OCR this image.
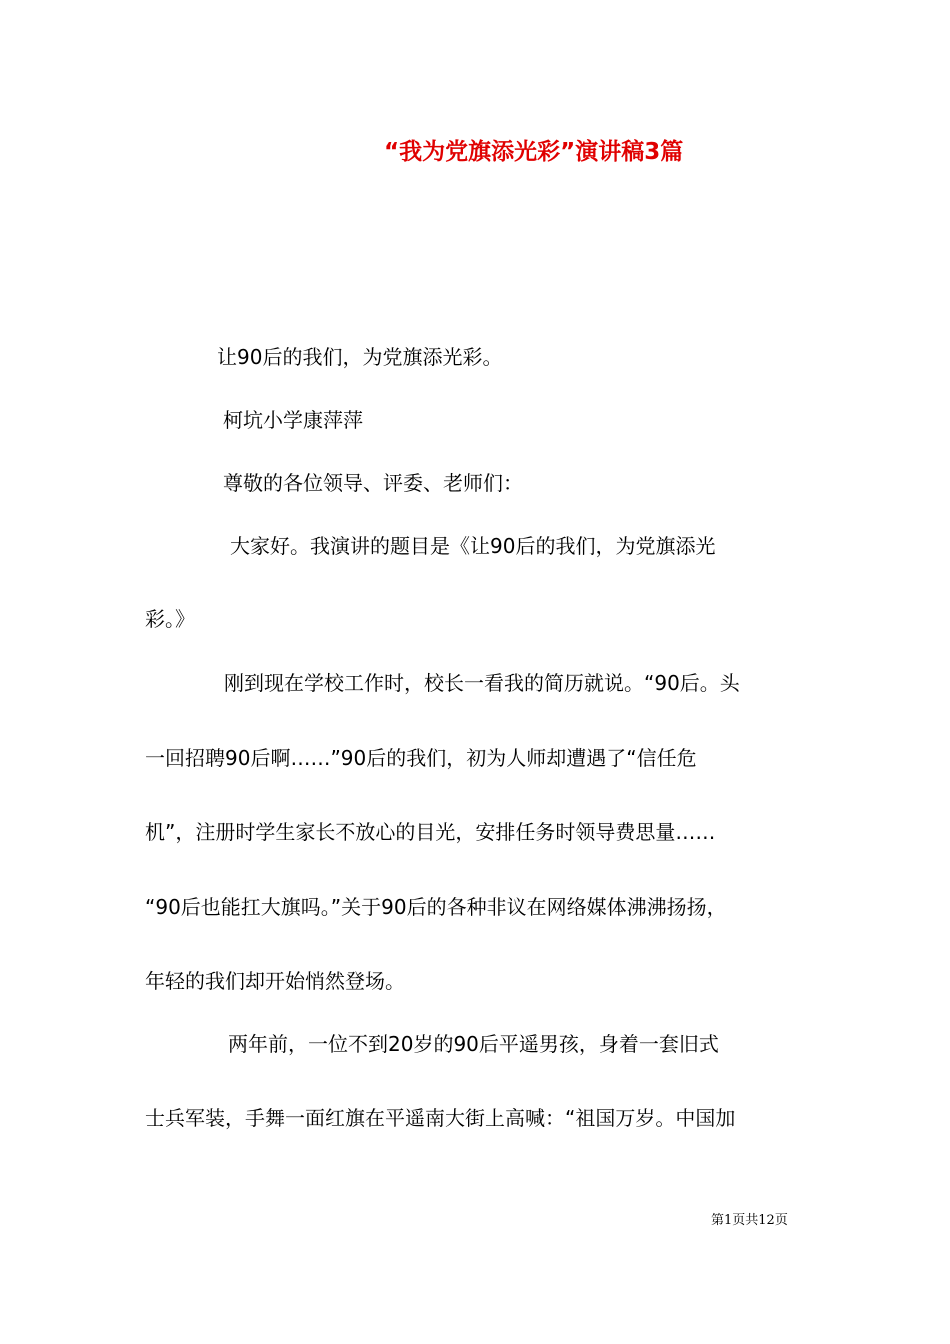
“我为党旗添光彩”演讲稿3篇
让90后的我们，为党旗添光彩。
柯坑小学康萍萍
尊敬的各位领导、评委、老师们：
大家好。我演讲的题目是《让90后的我们，为党旗添光
彩。》
刚到现在学校工作时，校长一看我的简历就说。“90后。头
一回招聘90后啊……”90后的我们，初为人师却遭遇了“信任危
机”，注册时学生家长不放心的目光，安排任务时领导费思量……
“90后也能扛大旗吗。”关于90后的各种非议在网络媒体沸沸扬扬，
年轻的我们却开始悄然登场。
两年前，一位不到20岁的90后平遥男孩，身着一套旧式
士兵军装，手舞一面红旗在平遥南大街上高喊：“祖国万岁。中国加
第1页共12页
